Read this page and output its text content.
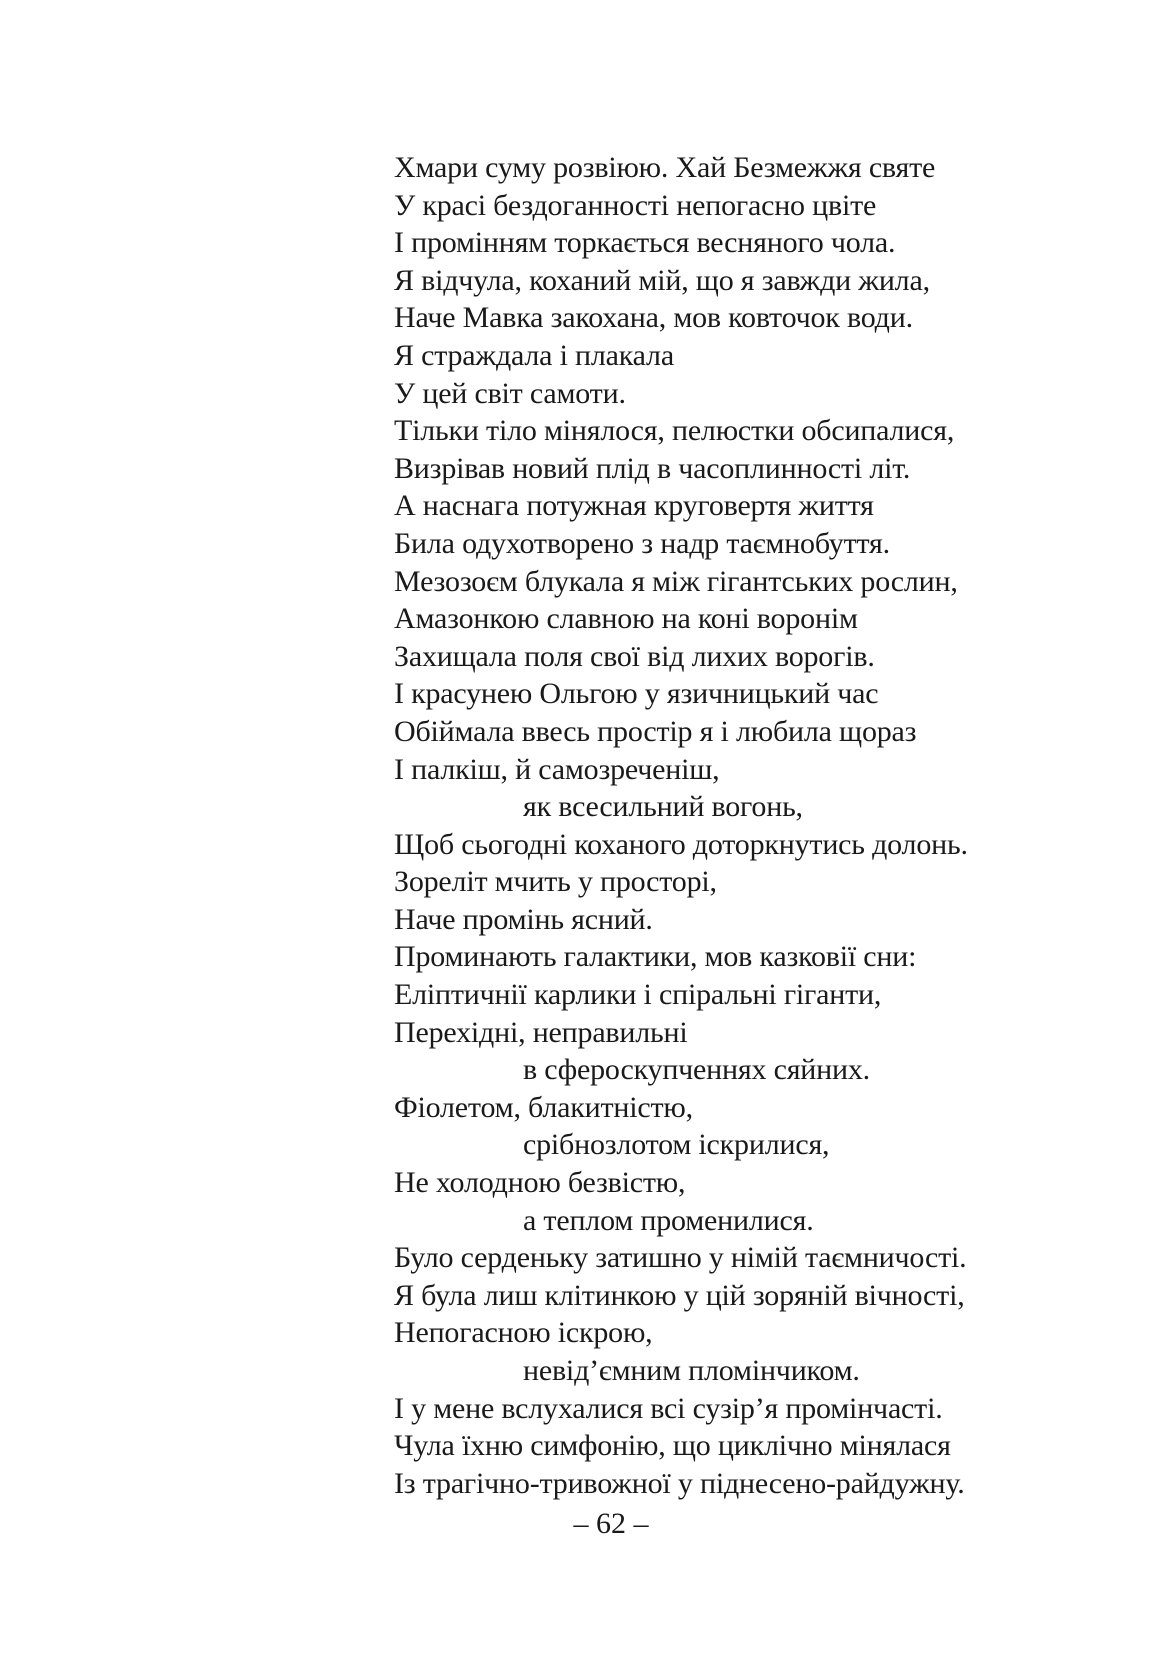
Хмари суму розвiюю. Хай Безмежжя святе
У красі бездоганності непогасно цвіте
І промінням торкається весняного чола.
Я відчула, коханий мій, що я завжди жила,
Наче Мавка закохана, мов ковточок води.
Я страждала і плакала
У цей світ самоти.
Тільки тіло мінялося, пелюстки обсипалися,
Визрівав новий плід в часоплинності літ.
А наснага потужная круговертя життя
Била одухотворено з надр таємнобуття.
Мезозоєм блукала я між гігантських рослин,
Амазонкою славною на коні воронім
Захищала поля свої від лихих ворогів.
І красунею Ольгою у язичницький час
Обіймала ввесь простір я і любила щораз
І палкіш, й самозреченіш,
як всесильний вогонь,
Щоб сьогодні коханого доторкнутись долонь.
Зореліт мчить у просторі,
Наче промінь ясний.
Проминають галактики, мов казковії сни:
Еліптичнії карлики і спіральні гіганти,
Перехідні, неправильні
в сфероскупченнях сяйних.
Фіолетом, блакитністю,
срібнозлотом іскрилися,
Не холодною безвістю,
а теплом променилися.
Було серденьку затишно у німій таємничості.
Я була лиш клітинкою у цій зоряній вічності,
Непогасною іскрою,
невід’ємним пломінчиком.
І у мене вслухалися всі сузір’я промінчасті.
Чула їхню симфонію, що циклічно мінялася
Із трагічно-тривожної у піднесено-райдужну.
– 62 –
